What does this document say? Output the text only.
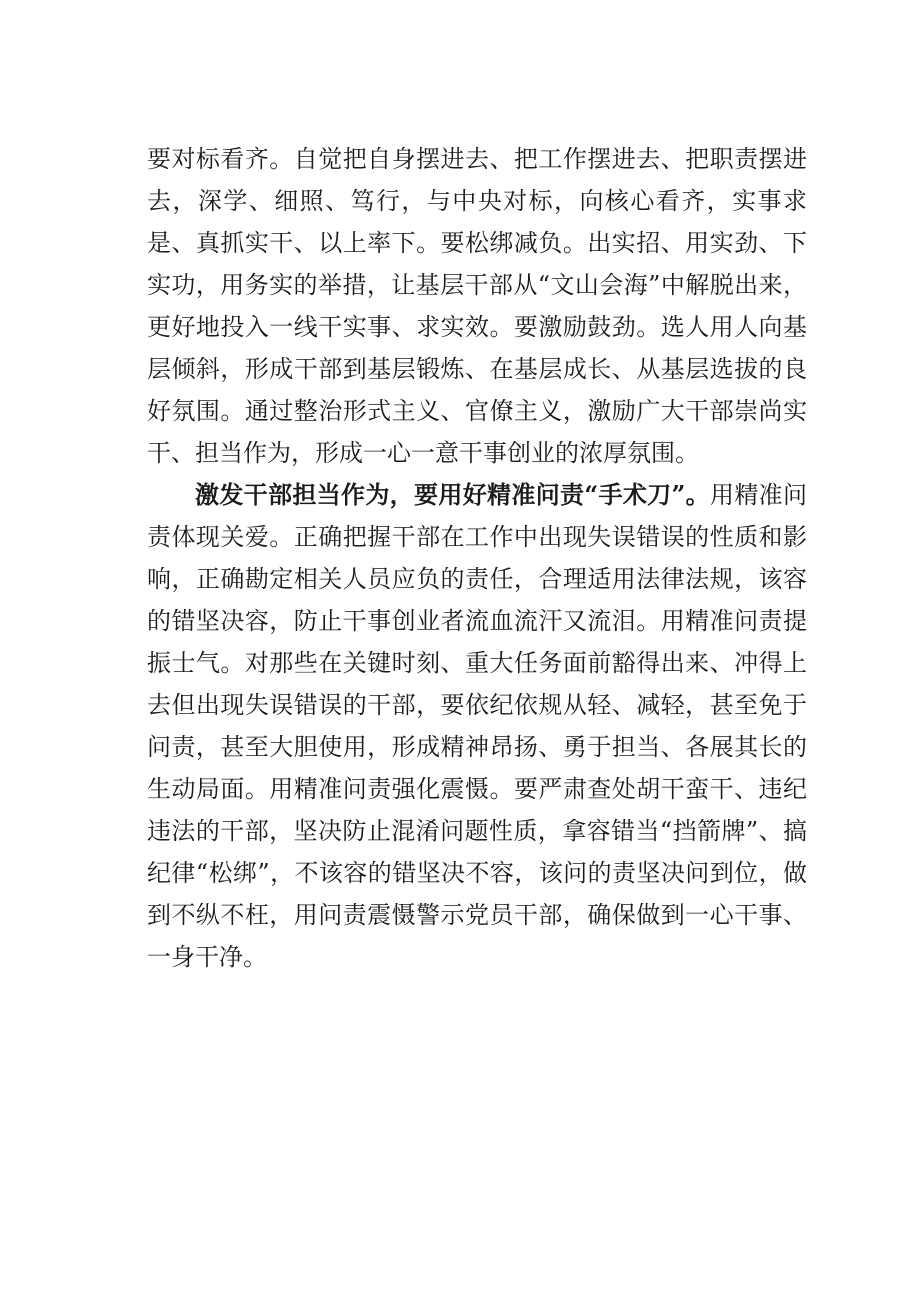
要对标看齐。自觉把自身摆进去、把工作摆进去、把职责摆进去，深学、细照、笃行，与中央对标，向核心看齐，实事求是、真抓实干、以上率下。要松绑减负。出实招、用实劲、下实功，用务实的举措，让基层干部从“文山会海”中解脱出来，更好地投入一线干实事、求实效。要激励鼓劲。选人用人向基层倾斜，形成干部到基层锻炼、在基层成长、从基层选拔的良好氛围。通过整治形式主义、官僚主义，激励广大干部崇尚实干、担当作为，形成一心一意干事创业的浓厚氛围。

激发干部担当作为，要用好精准问责“手术刀”。用精准问责体现关爱。正确把握干部在工作中出现失误错误的性质和影响，正确勘定相关人员应负的责任，合理适用法律法规，该容的错坚决容，防止干事创业者流血流汗又流泪。用精准问责提振士气。对那些在关键时刻、重大任务面前豁得出来、冲得上去但出现失误错误的干部，要依纪依规从轻、减轻，甚至免于问责，甚至大胆使用，形成精神昂扬、勇于担当、各展其长的生动局面。用精准问责强化震慑。要严肃查处胡干蛮干、违纪违法的干部，坚决防止混淆问题性质，拿容错当“挡箭牌”、搞纪律“松绑”，不该容的错坚决不容，该问的责坚决问到位，做到不纵不枉，用问责震慑警示党员干部，确保做到一心干事、一身干净。
